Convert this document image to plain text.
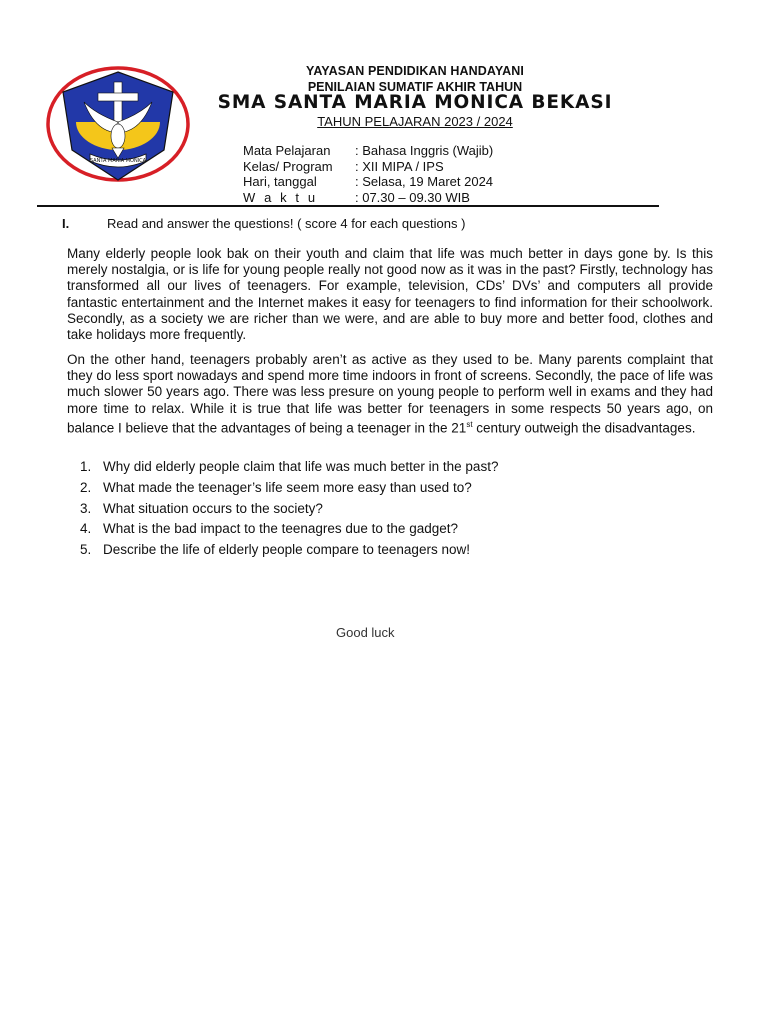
SANTA MARIA MONICA
YAYASAN PENDIDIKAN HANDAYANI
PENILAIAN SUMATIF AKHIR TAHUN
SMA SANTA MARIA MONICA BEKASI
TAHUN PELAJARAN 2023 / 2024
Mata Pelajaran	: Bahasa Inggris (Wajib)
Kelas/ Program	: XII MIPA / IPS
Hari, tanggal	: Selasa, 19 Maret 2024
W a k t u	: 07.30 – 09.30 WIB
I.	Read and answer the questions! ( score 4 for each questions )

Many elderly people look bak on their youth and claim that life was much better in days gone by. Is this merely nostalgia, or is life for young people really not good now as it was in the past? Firstly, technology has transformed all our lives of teenagers. For example, television, CDs’ DVs’ and computers all provide fantastic entertainment and the Internet makes it easy for teenagers to find information for their schoolwork. Secondly, as a society we are richer than we were, and are able to buy more and better food, clothes and take holidays more frequently.

On the other hand, teenagers probably aren’t as active as they used to be. Many parents complaint that they do less sport nowadays and spend more time indoors in front of screens. Secondly, the pace of life was much slower 50 years ago. There was less presure on young people to perform well in exams and they had more time to relax. While it is true that life was better for teenagers in some respects 50 years ago, on balance I believe that the advantages of being a teenager in the 21st century outweigh the disadvantages.

1. Why did elderly people claim that life was much better in the past?
2. What made the teenager’s life seem more easy than used to?
3. What situation occurs to the society?
4. What is the bad impact to the teenagres due to the gadget?
5. Describe the life of elderly people compare to teenagers now!
Good luck
